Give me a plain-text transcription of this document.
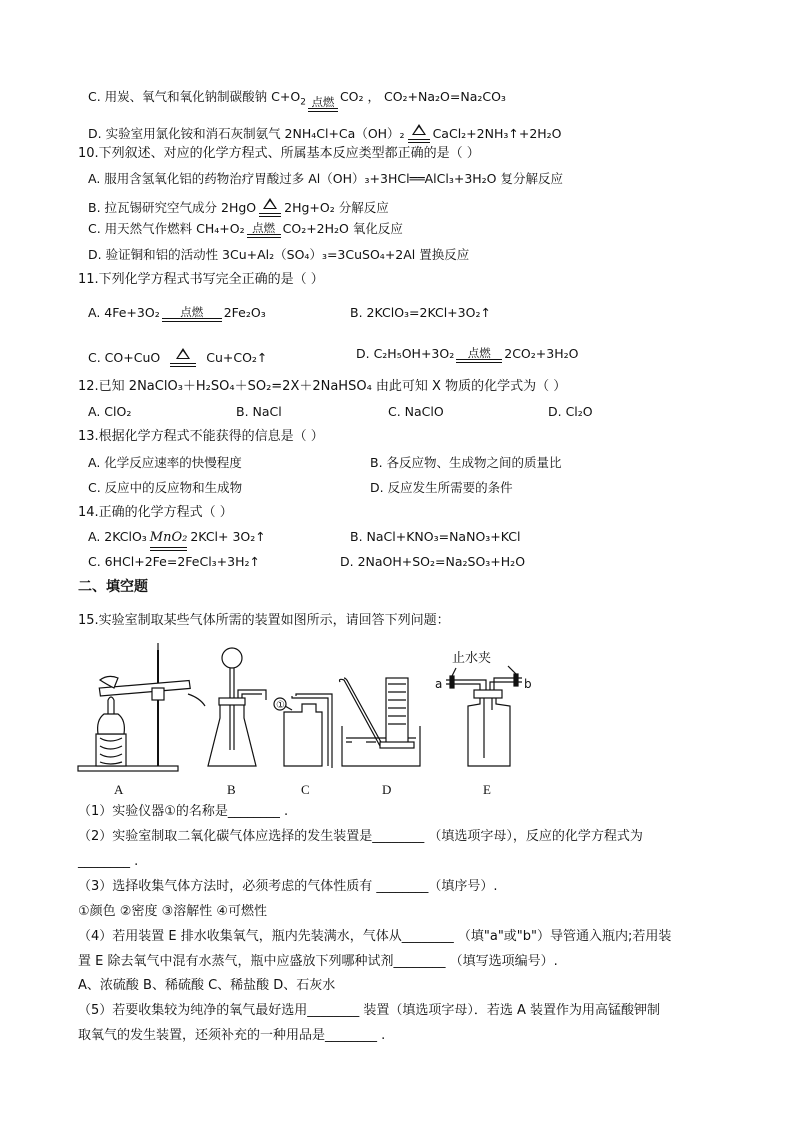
C. 用炭、氧气和氧化钠制碳酸钠 $C+O_2$ 点燃 CO₂ ， CO₂+Na₂O=Na₂CO₃
D. 实验室用氯化铵和消石灰制氨气 2NH₄Cl+Ca（OH）₂ CaCl₂+2NH₃↑+2H₂O
10.下列叙述、对应的化学方程式、所属基本反应类型都正确的是（ ）
A. 服用含氢氧化铝的药物治疗胃酸过多 Al（OH）₃+3HCl══AlCl₃+3H₂O 复分解反应
B. 拉瓦锡研究空气成分 2HgO 2Hg+O₂ 分解反应
C. 用天然气作燃料 CH₄+O₂ 点燃 CO₂+2H₂O 氧化反应
D. 验证铜和铝的活动性 3Cu+Al₂（SO₄）₃=3CuSO₄+2Al 置换反应
11.下列化学方程式书写完全正确的是（ ）
A. 4Fe+3O₂	点燃	2Fe₂O₃	B. 2KClO₃=2KCl+3O₂↑
C. CO+CuO	Cu+CO₂↑	D. C₂H₅OH+3O₂	点燃	2CO₂+3H₂O
12.已知 2NaClO₃＋H₂SO₄＋SO₂=2X＋2NaHSO₄ 由此可知 X 物质的化学式为（ ）
A. ClO₂	B. NaCl	C. NaClO	D. Cl₂O
13.根据化学方程式不能获得的信息是（ ）
A. 化学反应速率的快慢程度	B. 各反应物、生成物之间的质量比
C. 反应中的反应物和生成物	D. 反应发生所需要的条件
14.正确的化学方程式（ ）
A. 2KClO₃ MnO₂ 2KCl+ 3O₂↑	B. NaCl+KNO₃=NaNO₃+KCl
C. 6HCl+2Fe=2FeCl₃+3H₂↑	D. 2NaOH+SO₂=Na₂SO₃+H₂O
二、填空题
15.实验室制取某些气体所需的装置如图所示，请回答下列问题：
①
止水夹
a	b
A	B	C	D	E
（1）实验仪器①的名称是________ .
（2）实验室制取二氧化碳气体应选择的发生装置是________ （填选项字母），反应的化学方程式为
________ .
（3）选择收集气体方法时，必须考虑的气体性质有 ________（填序号）.
①颜色 ②密度 ③溶解性 ④可燃性
（4）若用装置 E 排水收集氧气，瓶内先装满水，气体从________ （填"a"或"b"）导管通入瓶内;若用装
置 E 除去氧气中混有水蒸气，瓶中应盛放下列哪种试剂________ （填写选项编号）.
A、浓硫酸 B、稀硫酸 C、稀盐酸 D、石灰水
（5）若要收集较为纯净的氧气最好选用________ 装置（填选项字母）．若选 A 装置作为用高锰酸钾制
取氧气的发生装置，还须补充的一种用品是________ .
